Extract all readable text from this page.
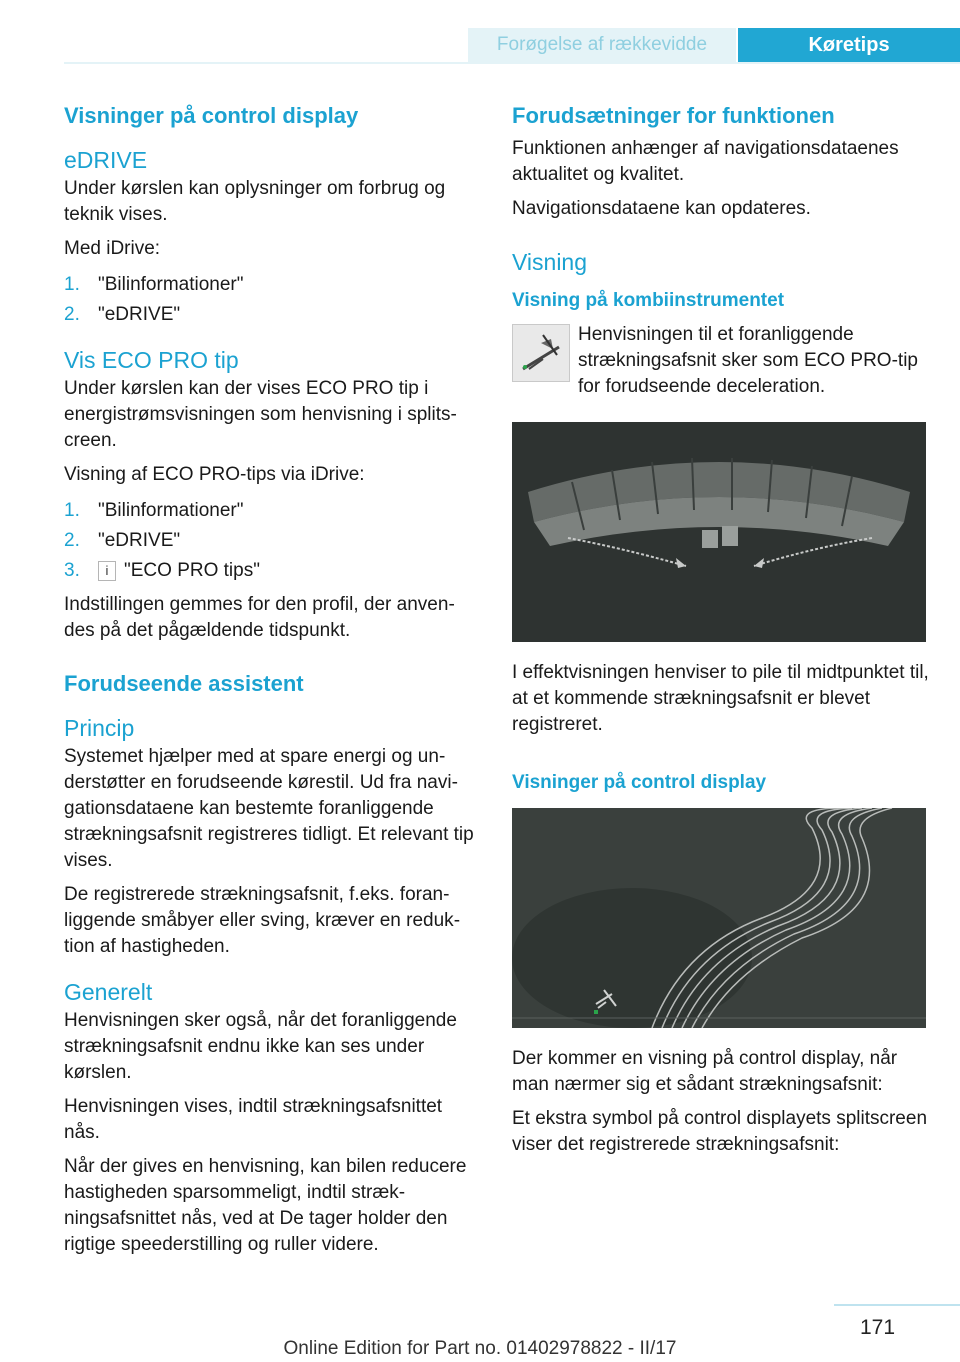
Forøgelse af rækkevidde	Køretips
Visninger på control display
eDRIVE

Under kørslen kan oplysninger om forbrug og teknik vises.

Med iDrive:

1. "Bilinformationer"
2. "eDRIVE"
Vis ECO PRO tip

Under kørslen kan der vises ECO PRO tip i energistrømsvisningen som henvisning i splitscreen.

Visning af ECO PRO-tips via iDrive:

1. "Bilinformationer"
2. "eDRIVE"
3. i "ECO PRO tips"

Indstillingen gemmes for den profil, der anvendes på det pågældende tidspunkt.

Forudseende assistent
Princip

Systemet hjælper med at spare energi og understøtter en forudseende kørestil. Ud fra navigationsdataene kan bestemte foranliggende strækningsafsnit registreres tidligt. Et relevant tip vises.

De registrerede strækningsafsnit, f.eks. foranliggende småbyer eller sving, kræver en reduktion af hastigheden.

Generelt

Henvisningen sker også, når det foranliggende strækningsafsnit endnu ikke kan ses under kørslen.

Henvisningen vises, indtil strækningsafsnittet nås.

Når der gives en henvisning, kan bilen reducere hastigheden sparsommeligt, indtil strækningsafsnittet nås, ved at De tager holder den rigtige speederstilling og ruller videre.

Forudsætninger for funktionen

Funktionen anhænger af navigationsdataenes aktualitet og kvalitet.

Navigationsdataene kan opdateres.

Visning
Visning på kombiinstrumentet
Henvisningen til et foranliggende strækningsafsnit sker som ECO PRO-tip for forudseende deceleration.

I effektvisningen henviser to pile til midtpunktet til, at et kommende strækningsafsnit er blevet registreret.

Visninger på control display

Der kommer en visning på control display, når man nærmer sig et sådant strækningsafsnit:

Et ekstra symbol på control displayets splitscreen viser det registrerede strækningsafsnit:

171
Online Edition for Part no. 01402978822 - II/17
